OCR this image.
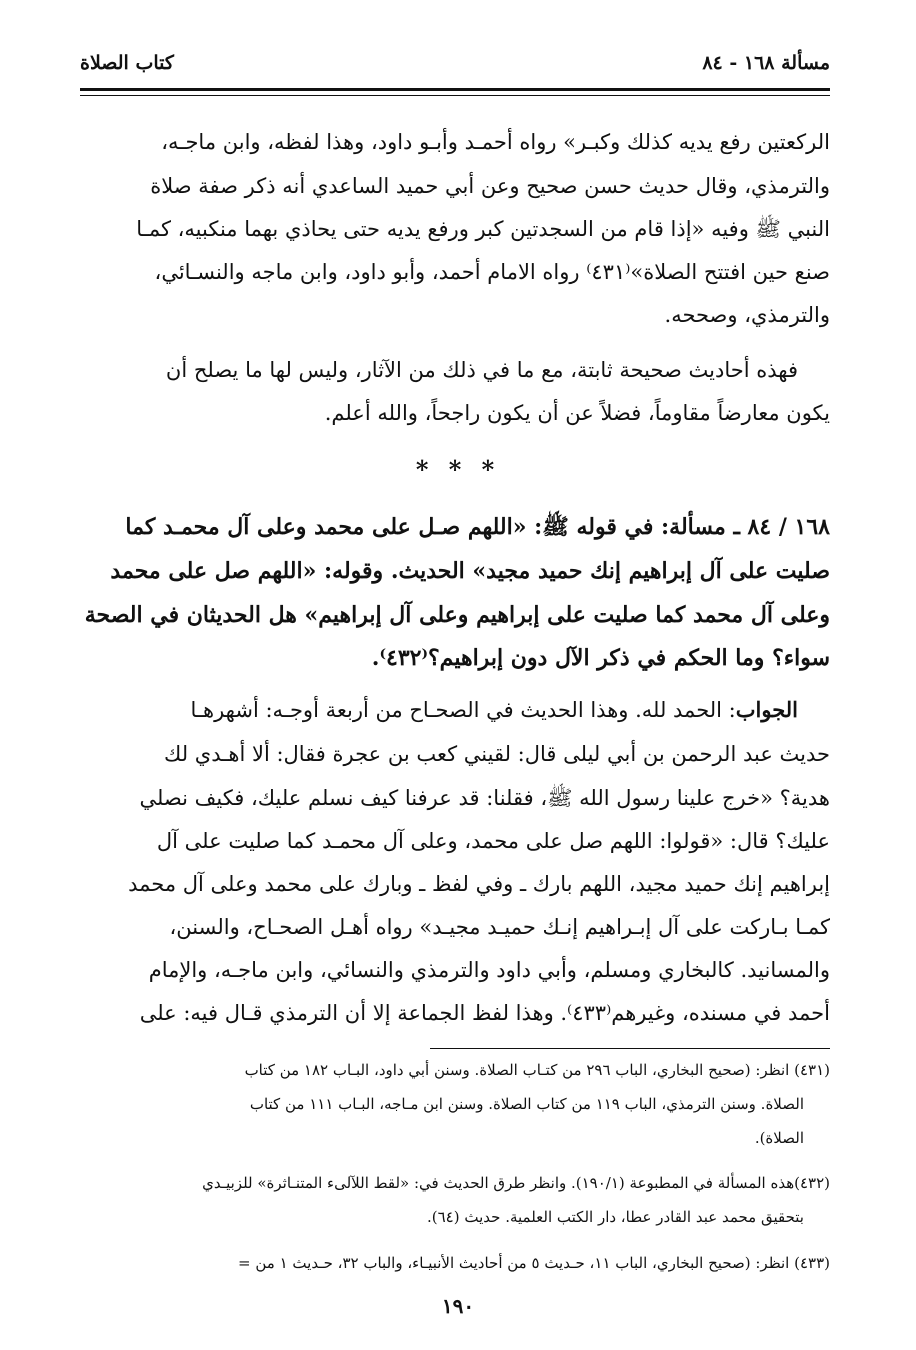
مسألة ١٦٨ - ٨٤
كتاب الصلاة
الركعتين رفع يديه كذلك وكبـر» رواه أحمـد وأبـو داود، وهذا لفظه، وابن ماجـه،
والترمذي، وقال حديث حسن صحيح وعن أبي حميد الساعدي أنه ذكر صفة صلاة
النبي ﷺ وفيه «إذا قام من السجدتين كبر ورفع يديه حتى يحاذي بهما منكبيه، كمـا
صنع حين افتتح الصلاة»⁽٤٣١⁾ رواه الامام أحمد، وأبو داود، وابن ماجه والنسـائي،
والترمذي، وصححه.
فهذه أحاديث صحيحة ثابتة، مع ما في ذلك من الآثار، وليس لها ما يصلح أن
يكون معارضاً مقاوماً، فضلاً عن أن يكون راجحاً، والله أعلم.
* * *
١٦٨ / ٨٤ ـ مسألة: في قوله ﷺ: «اللهم صـل على محمد وعلى آل محمـد كما
صليت على آل إبراهيم إنك حميد مجيد» الحديث. وقوله: «اللهم صل على محمد
وعلى آل محمد كما صليت على إبراهيم وعلى آل إبراهيم» هل الحديثان في الصحة
سواء؟ وما الحكم في ذكر الآل دون إبراهيم؟⁽٤٣٢⁾.
الجواب: الحمد لله. وهذا الحديث في الصحـاح من أربعة أوجـه: أشهرهـا
حديث عبد الرحمن بن أبي ليلى قال: لقيني كعب بن عجرة فقال: ألا أهـدي لك
هدية؟ «خرج علينا رسول الله ﷺ، فقلنا: قد عرفنا كيف نسلم عليك، فكيف نصلي
عليك؟ قال: «قولوا: اللهم صل على محمد، وعلى آل محمـد كما صليت على آل
إبراهيم إنك حميد مجيد، اللهم بارك ـ وفي لفظ ـ وبارك على محمد وعلى آل محمد
كمـا بـاركت على آل إبـراهيم إنـك حميـد مجيـد» رواه أهـل الصحـاح، والسنن،
والمسانيد. كالبخاري ومسلم، وأبي داود والترمذي والنسائي، وابن ماجـه، والإمام
أحمد في مسنده، وغيرهم⁽٤٣٣⁾. وهذا لفظ الجماعة إلا أن الترمذي قـال فيه: على
(٤٣١) انظر: (صحيح البخاري، الباب ٢٩٦ من كتـاب الصلاة. وسنن أبي داود، البـاب ١٨٢ من كتاب
الصلاة. وسنن الترمذي، الباب ١١٩ من كتاب الصلاة. وسنن ابن مـاجه، البـاب ١١١ من كتاب
الصلاة).
(٤٣٢)هذه المسألة في المطبوعة (١٩٠/١). وانظر طرق الحديث في: «لقط اللآلىء المتنـاثرة» للزبيـدي
بتحقيق محمد عبد القادر عطا، دار الكتب العلمية. حديث (٦٤).
(٤٣٣) انظر: (صحيح البخاري، الباب ١١، حـديث ٥ من أحاديث الأنبيـاء، والباب ٣٢، حـديث ١ من =
١٩٠
